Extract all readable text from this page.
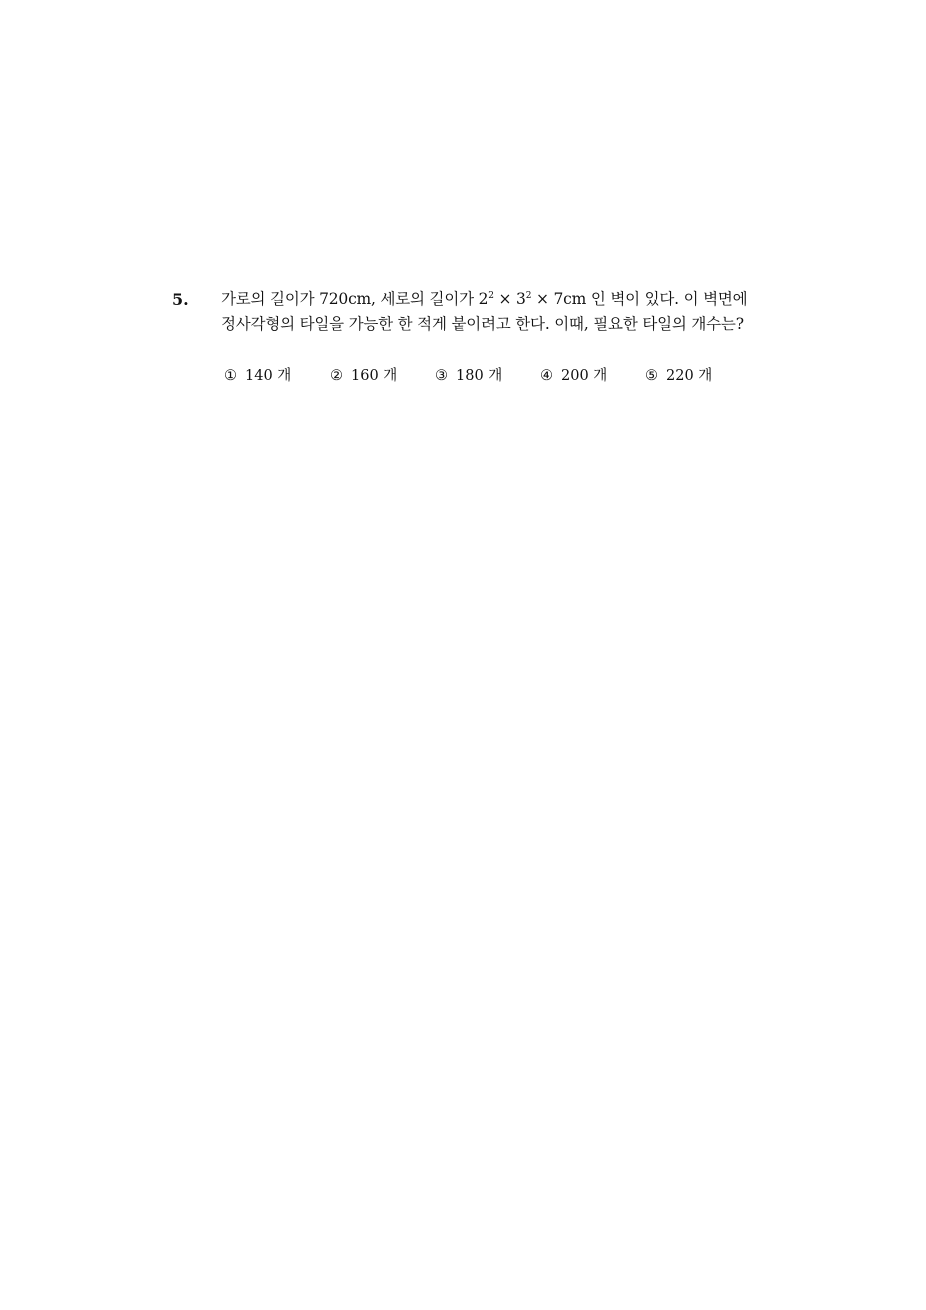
5. 가로의 길이가 720cm, 세로의 길이가 $2^2 \times 3^2 \times 7cm$ 인 벽이 있다. 이 벽면에
정사각형의 타일을 가능한 한 적게 붙이려고 한다. 이때, 필요한 타일의 개수는?
① 140 개	② 160 개	③ 180 개	④ 200 개	⑤ 220 개
